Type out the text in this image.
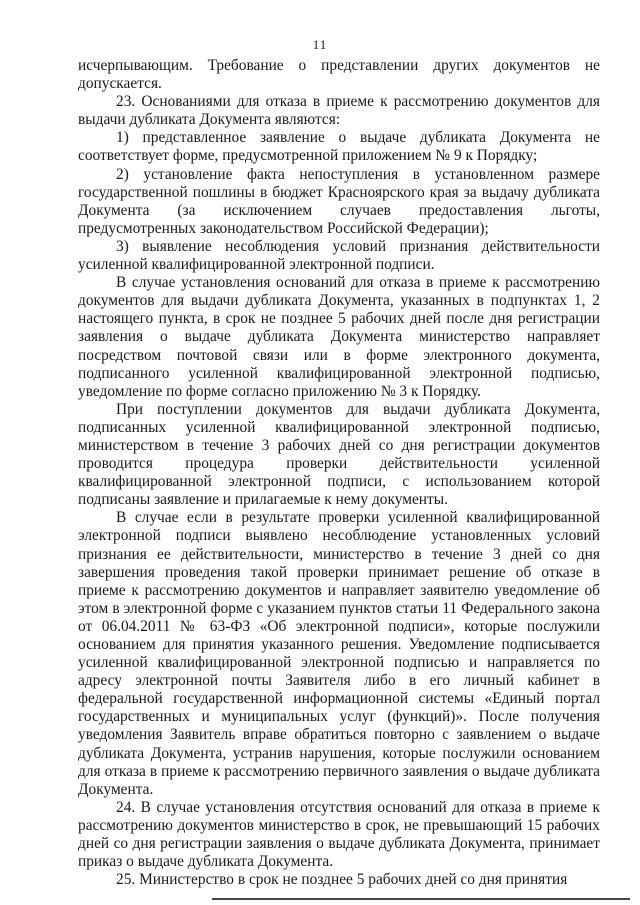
11

исчерпывающим. Требование о представлении других документов не допускается.

23. Основаниями для отказа в приеме к рассмотрению документов для выдачи дубликата Документа являются:

1) представленное заявление о выдаче дубликата Документа не соответствует форме, предусмотренной приложением № 9 к Порядку;

2) установление факта непоступления в установленном размере государственной пошлины в бюджет Красноярского края за выдачу дубликата Документа (за исключением случаев предоставления льготы, предусмотренных законодательством Российской Федерации);

3) выявление несоблюдения условий признания действительности усиленной квалифицированной электронной подписи.

В случае установления оснований для отказа в приеме к рассмотрению документов для выдачи дубликата Документа, указанных в подпунктах 1, 2 настоящего пункта, в срок не позднее 5 рабочих дней после дня регистрации заявления о выдаче дубликата Документа министерство направляет посредством почтовой связи или в форме электронного документа, подписанного усиленной квалифицированной электронной подписью, уведомление по форме согласно приложению № 3 к Порядку.

При поступлении документов для выдачи дубликата Документа, подписанных усиленной квалифицированной электронной подписью, министерством в течение 3 рабочих дней со дня регистрации документов проводится процедура проверки действительности усиленной квалифицированной электронной подписи, с использованием которой подписаны заявление и прилагаемые к нему документы.

В случае если в результате проверки усиленной квалифицированной электронной подписи выявлено несоблюдение установленных условий признания ее действительности, министерство в течение 3 дней со дня завершения проведения такой проверки принимает решение об отказе в приеме к рассмотрению документов и направляет заявителю уведомление об этом в электронной форме с указанием пунктов статьи 11 Федерального закона от 06.04.2011 № 63-ФЗ «Об электронной подписи», которые послужили основанием для принятия указанного решения. Уведомление подписывается усиленной квалифицированной электронной подписью и направляется по адресу электронной почты Заявителя либо в его личный кабинет в федеральной государственной информационной системы «Единый портал государственных и муниципальных услуг (функций)». После получения уведомления Заявитель вправе обратиться повторно с заявлением о выдаче дубликата Документа, устранив нарушения, которые послужили основанием для отказа в приеме к рассмотрению первичного заявления о выдаче дубликата Документа.

24. В случае установления отсутствия оснований для отказа в приеме к рассмотрению документов министерство в срок, не превышающий 15 рабочих дней со дня регистрации заявления о выдаче дубликата Документа, принимает приказ о выдаче дубликата Документа.

25. Министерство в срок не позднее 5 рабочих дней со дня принятия
